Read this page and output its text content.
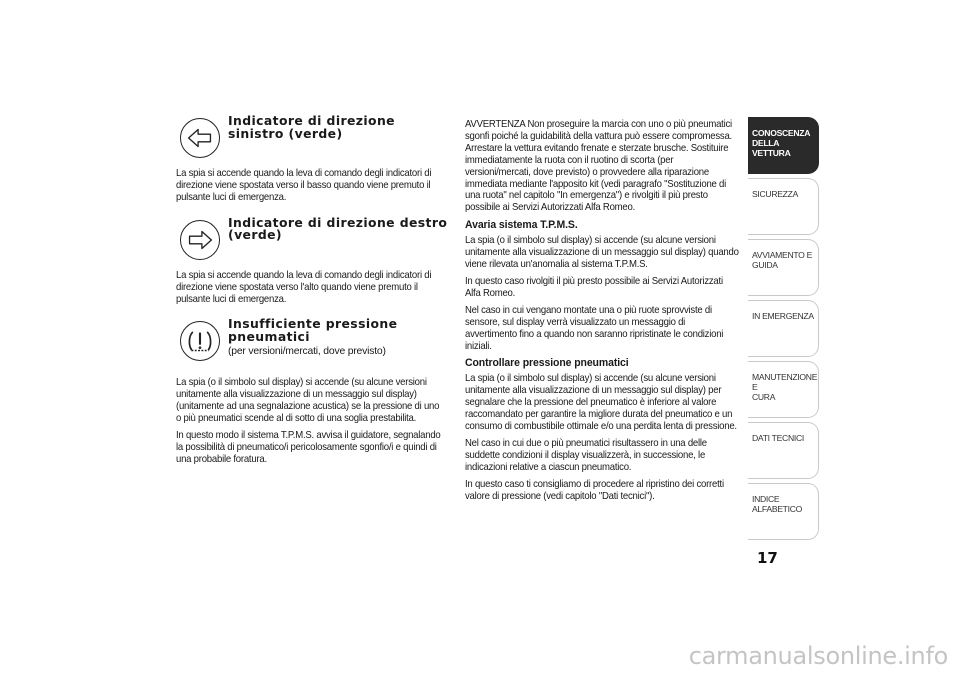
Indicatore di direzione sinistro (verde)

La spia si accende quando la leva di comando degli indicatori di direzione viene spostata verso il basso quando viene premuto il pulsante luci di emergenza.

Indicatore di direzione destro (verde)

La spia si accende quando la leva di comando degli indicatori di direzione viene spostata verso l'alto quando viene premuto il pulsante luci di emergenza.

Insufficiente pressione pneumatici
(per versioni/mercati, dove previsto)

La spia (o il simbolo sul display) si accende (su alcune versioni unitamente alla visualizzazione di un messaggio sul display) (unitamente ad una segnalazione acustica) se la pressione di uno o più pneumatici scende al di sotto di una soglia prestabilita.

In questo modo il sistema T.P.M.S. avvisa il guidatore, segnalando la possibilità di pneumatico/i pericolosamente sgonfio/i e quindi di una probabile foratura.

AVVERTENZA Non proseguire la marcia con uno o più pneumatici sgonfi poiché la guidabilità della vattura può essere compromessa. Arrestare la vettura evitando frenate e sterzate brusche. Sostituire immediatamente la ruota con il ruotino di scorta (per versioni/mercati, dove previsto) o provvedere alla riparazione immediata mediante l'apposito kit (vedi paragrafo "Sostituzione di una ruota" nel capitolo "In emergenza") e rivolgiti il più presto possibile ai Servizi Autorizzati Alfa Romeo.

Avaria sistema T.P.M.S.

La spia (o il simbolo sul display) si accende (su alcune versioni unitamente alla visualizzazione di un messaggio sul display) quando viene rilevata un'anomalia al sistema T.P.M.S.

In questo caso rivolgiti il più presto possibile ai Servizi Autorizzati Alfa Romeo.

Nel caso in cui vengano montate una o più ruote sprovviste di sensore, sul display verrà visualizzato un messaggio di avvertimento fino a quando non saranno ripristinate le condizioni iniziali.

Controllare pressione pneumatici

La spia (o il simbolo sul display) si accende (su alcune versioni unitamente alla visualizzazione di un messaggio sul display) per segnalare che la pressione del pneumatico è inferiore al valore raccomandato per garantire la migliore durata del pneumatico e un consumo di combustibile ottimale e/o una perdita lenta di pressione.

Nel caso in cui due o più pneumatici risultassero in una delle suddette condizioni il display visualizzerà, in successione, le indicazioni relative a ciascun pneumatico.

In questo caso ti consigliamo di procedere al ripristino dei corretti valore di pressione (vedi capitolo "Dati tecnici").

CONOSCENZA
DELLA VETTURA
SICUREZZA
AVVIAMENTO E
GUIDA
IN EMERGENZA
MANUTENZIONE E
CURA
DATI TECNICI
INDICE ALFABETICO
17
carmanualsonline.info
